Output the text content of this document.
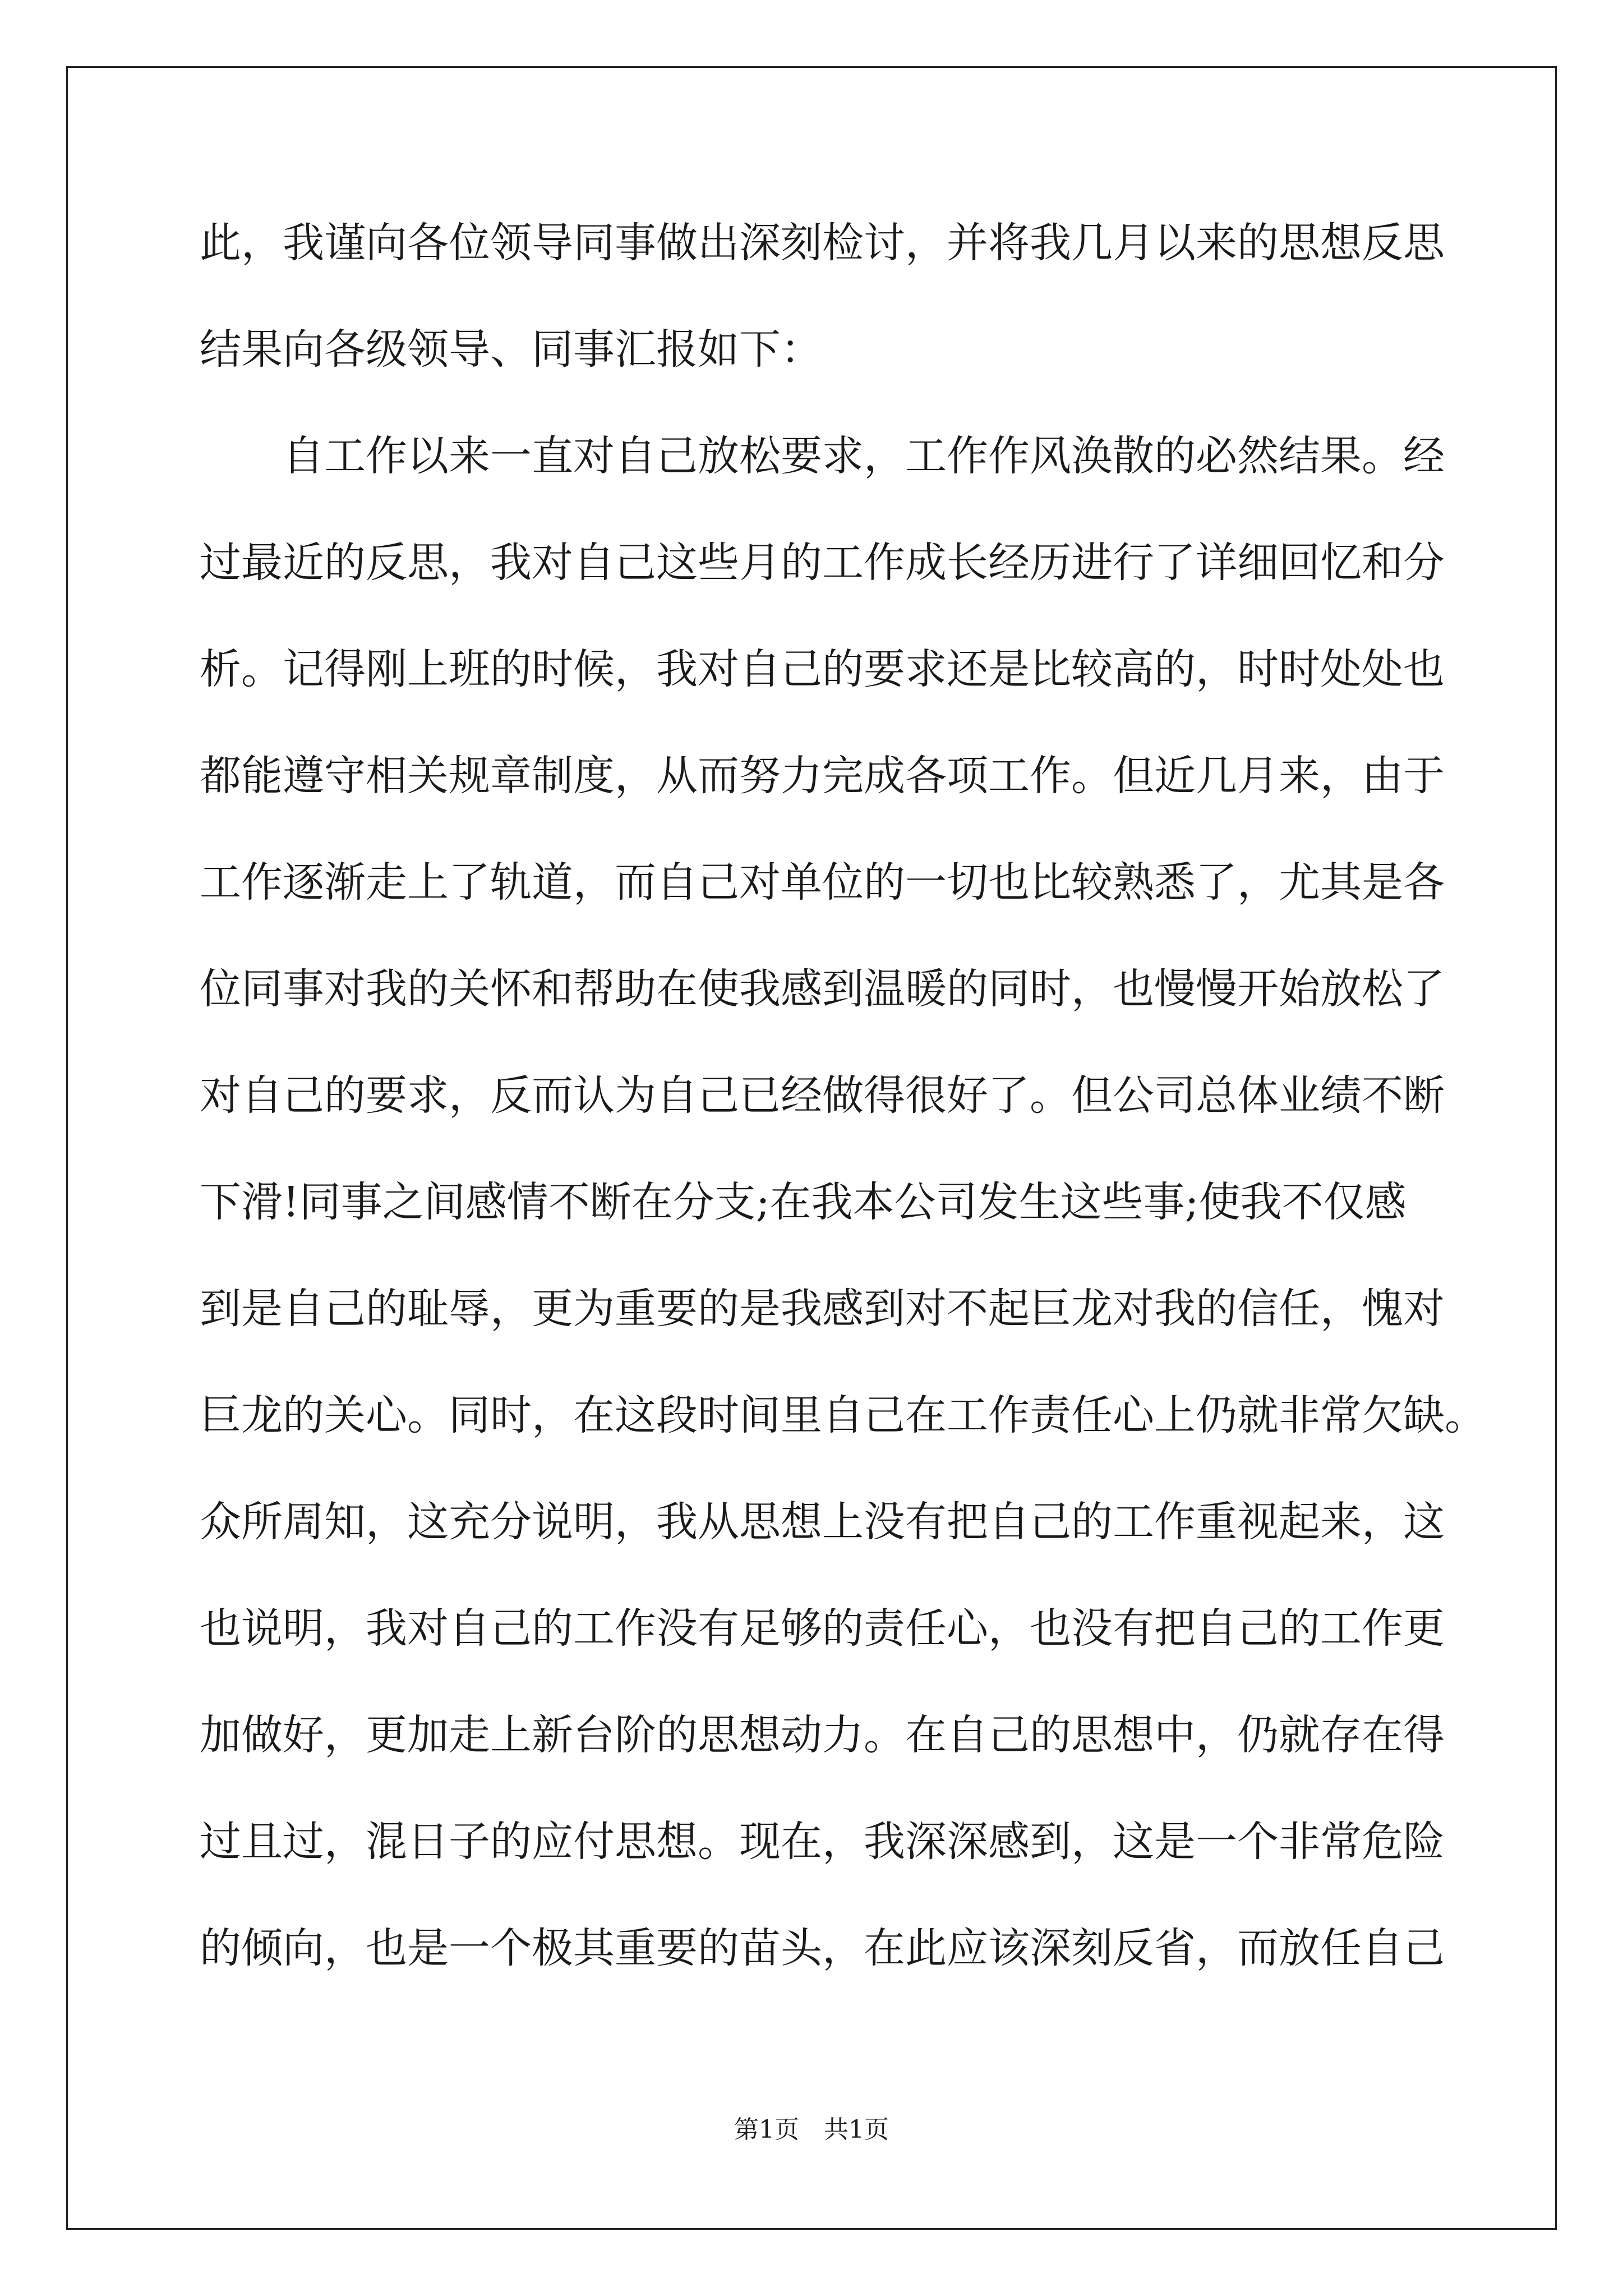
此，我谨向各位领导同事做出深刻检讨，并将我几月以来的思想反思
结果向各级领导、同事汇报如下：
　　自工作以来一直对自己放松要求，工作作风涣散的必然结果。经
过最近的反思，我对自己这些月的工作成长经历进行了详细回忆和分
析。记得刚上班的时候，我对自己的要求还是比较高的，时时处处也
都能遵守相关规章制度，从而努力完成各项工作。但近几月来，由于
工作逐渐走上了轨道，而自己对单位的一切也比较熟悉了，尤其是各
位同事对我的关怀和帮助在使我感到温暖的同时，也慢慢开始放松了
对自己的要求，反而认为自己已经做得很好了。但公司总体业绩不断
下滑!同事之间感情不断在分支;在我本公司发生这些事;使我不仅感
到是自己的耻辱，更为重要的是我感到对不起巨龙对我的信任，愧对
巨龙的关心。同时，在这段时间里自己在工作责任心上仍就非常欠缺。
众所周知，这充分说明，我从思想上没有把自己的工作重视起来，这
也说明，我对自己的工作没有足够的责任心，也没有把自己的工作更
加做好，更加走上新台阶的思想动力。在自己的思想中，仍就存在得
过且过，混日子的应付思想。现在，我深深感到，这是一个非常危险
的倾向，也是一个极其重要的苗头，在此应该深刻反省，而放任自己
第1页　共1页
